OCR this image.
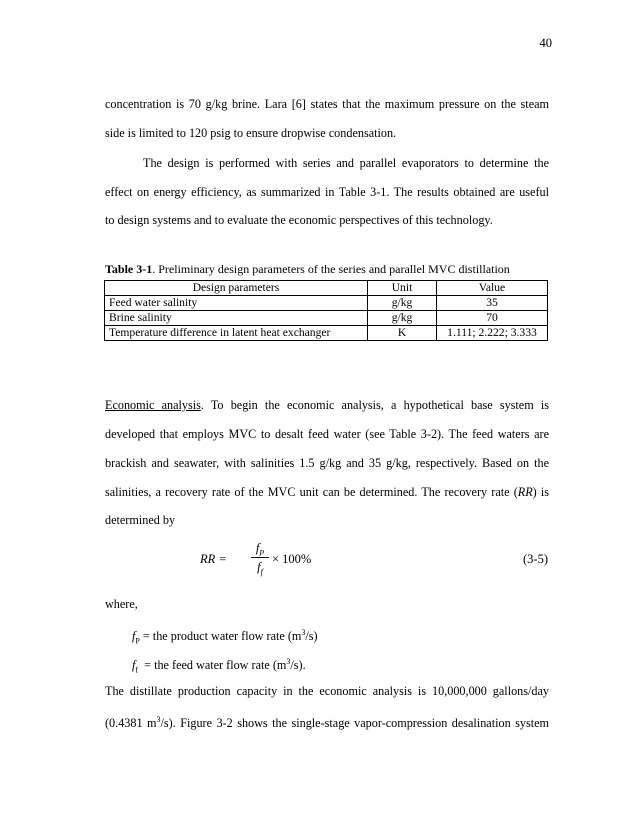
40
concentration is 70 g/kg brine. Lara [6] states that the maximum pressure on the steam
side is limited to 120 psig to ensure dropwise condensation.
The design is performed with series and parallel evaporators to determine the
effect on energy efficiency, as summarized in Table 3-1. The results obtained are useful
to design systems and to evaluate the economic perspectives of this technology.
Table 3-1. Preliminary design parameters of the series and parallel MVC distillation
Design parameters	Unit	Value
Feed water salinity	g/kg	35
Brine salinity	g/kg	70
Temperature difference in latent heat exchanger	K	1.111; 2.222; 3.333
Economic analysis. To begin the economic analysis, a hypothetical base system is
developed that employs MVC to desalt feed water (see Table 3-2). The feed waters are
brackish and seawater, with salinities 1.5 g/kg and 35 g/kg, respectively. Based on the
salinities, a recovery rate of the MVC unit can be determined. The recovery rate (RR) is
determined by
RR =
$f_P$
$f_f$
× 100%	(3-5)
where,
$f_P$ = the product water flow rate $(m^3/s)$
$f_f$  = the feed water flow rate $(m^3/s)$.
The distillate production capacity in the economic analysis is 10,000,000 gallons/day
(0.4381 $m^3/s$). Figure 3-2 shows the single-stage vapor-compression desalination system
